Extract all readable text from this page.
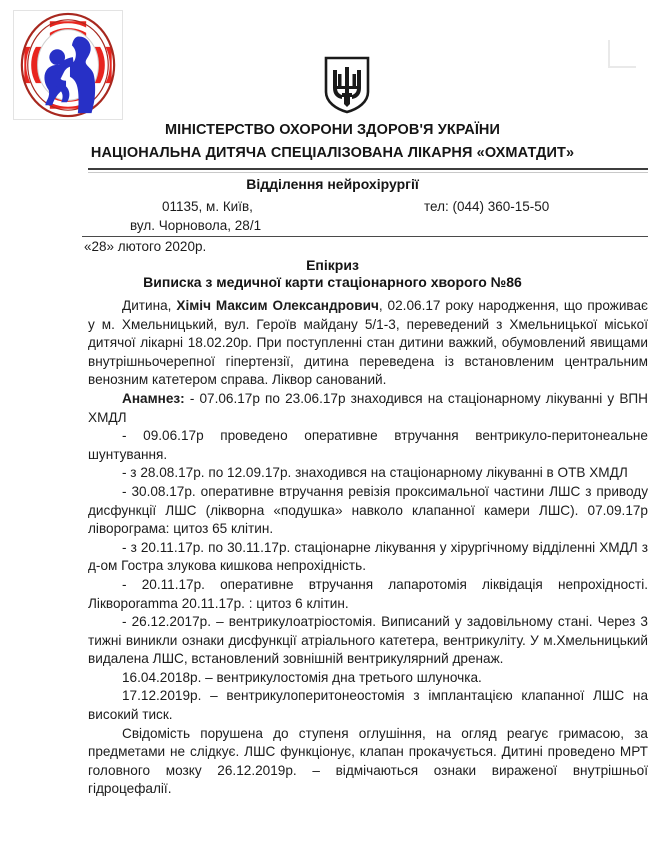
МІНІСТЕРСТВО ОХОРОНИ ЗДОРОВ'Я УКРАЇНИ
НАЦІОНАЛЬНА ДИТЯЧА СПЕЦІАЛІЗОВАНА ЛІКАРНЯ «ОХМАТДИТ»
Відділення нейрохірургії
01135, м. Київ,	тел: (044) 360-15-50
вул. Чорновола, 28/1
«28» лютого 2020р.
Епікриз
Виписка з медичної карти стаціонарного хворого №86

Дитина, Хіміч Максим Олександрович, 02.06.17 року народження, що проживає у м. Хмельницький, вул. Героїв майдану 5/1-3, переведений з Хмельницької міської дитячої лікарні 18.02.20р. При поступленні стан дитини важкий, обумовлений явищами внутрішньочерепної гіпертензії, дитина переведена із встановленим центральним венозним катетером справа. Ліквор санований.

Анамнез: - 07.06.17р по 23.06.17р знаходився на стаціонарному лікуванні у ВПН ХМДЛ

- 09.06.17р проведено оперативне втручання вентрикуло-перитонеальне шунтування.

- з 28.08.17р. по 12.09.17р. знаходився на стаціонарному лікуванні в ОТВ ХМДЛ

- 30.08.17р. оперативне втручання ревізія проксимальної частини ЛШС з приводу дисфункції ЛШС (лікворна «подушка» навколо клапанної камери ЛШС). 07.09.17р ліворограма: цитоз 65 клітин.

- з 20.11.17р. по 30.11.17р. стаціонарне лікування у хірургічному відділенні ХМДЛ з д-ом Гостра злукова кишкова непрохідність.

- 20.11.17р. оперативне втручання лапаротомія ліквідація непрохідності. Ліквороramma 20.11.17р. : цитоз 6 клітин.

- 26.12.2017р. – вентрикулоатріостомія. Виписаний у задовільному стані. Через 3 тижні виникли ознаки дисфункції атріального катетера, вентрикуліту. У м.Хмельницький видалена ЛШС, встановлений зовнішній вентрикулярний дренаж.

16.04.2018р. – вентрикулостомія дна третього шлуночка.

17.12.2019р. – вентрикулоперитонеостомія з імплантацією клапанної ЛШС на високий тиск.

Свідомість порушена до ступеня оглушіння, на огляд реагує гримасою, за предметами не слідкує. ЛШС функціонує, клапан прокачується. Дитині проведено МРТ головного мозку 26.12.2019р. – відмічаються ознаки вираженої внутрішньої гідроцефалії.
